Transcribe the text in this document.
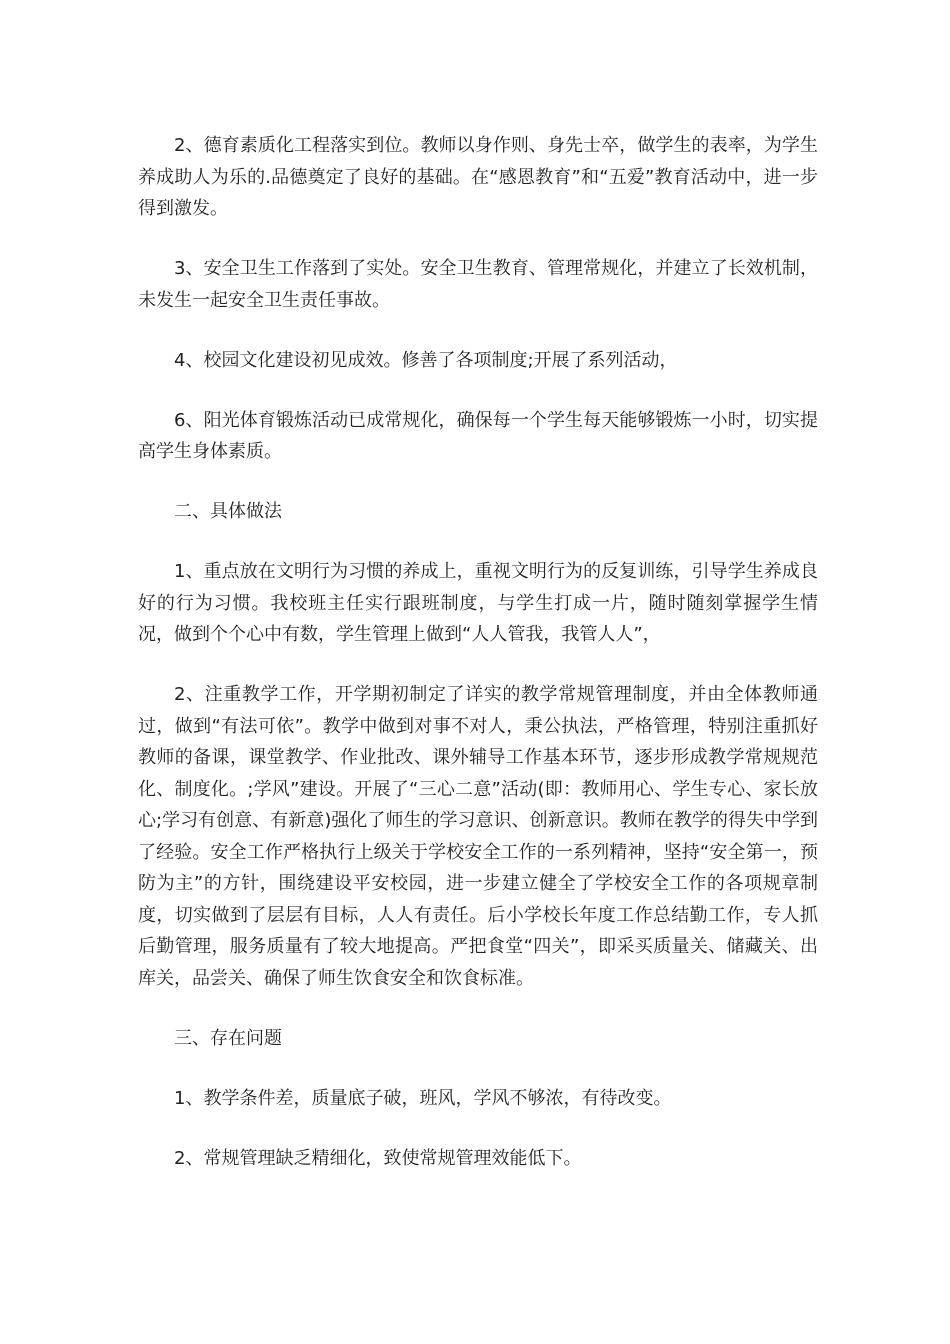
2、德育素质化工程落实到位。教师以身作则、身先士卒，做学生的表率，为学生养成助人为乐的.品德奠定了良好的基础。在“感恩教育”和“五爱”教育活动中，进一步得到激发。

3、安全卫生工作落到了实处。安全卫生教育、管理常规化，并建立了长效机制，未发生一起安全卫生责任事故。

4、校园文化建设初见成效。修善了各项制度;开展了系列活动，

6、阳光体育锻炼活动已成常规化，确保每一个学生每天能够锻炼一小时，切实提高学生身体素质。

二、具体做法

1、重点放在文明行为习惯的养成上，重视文明行为的反复训练，引导学生养成良好的行为习惯。我校班主任实行跟班制度，与学生打成一片，随时随刻掌握学生情况，做到个个心中有数，学生管理上做到“人人管我，我管人人”，

2、注重教学工作，开学期初制定了详实的教学常规管理制度，并由全体教师通过，做到“有法可依”。教学中做到对事不对人，秉公执法，严格管理，特别注重抓好教师的备课，课堂教学、作业批改、课外辅导工作基本环节，逐步形成教学常规规范化、制度化。;学风”建设。开展了“三心二意”活动(即：教师用心、学生专心、家长放心;学习有创意、有新意)强化了师生的学习意识、创新意识。教师在教学的得失中学到了经验。安全工作严格执行上级关于学校安全工作的一系列精神，坚持“安全第一，预防为主”的方针，围绕建设平安校园，进一步建立健全了学校安全工作的各项规章制度，切实做到了层层有目标，人人有责任。后小学校长年度工作总结勤工作，专人抓后勤管理，服务质量有了较大地提高。严把食堂“四关”，即采买质量关、储藏关、出库关，品尝关、确保了师生饮食安全和饮食标准。

三、存在问题

1、教学条件差，质量底子破，班风，学风不够浓，有待改变。

2、常规管理缺乏精细化，致使常规管理效能低下。
